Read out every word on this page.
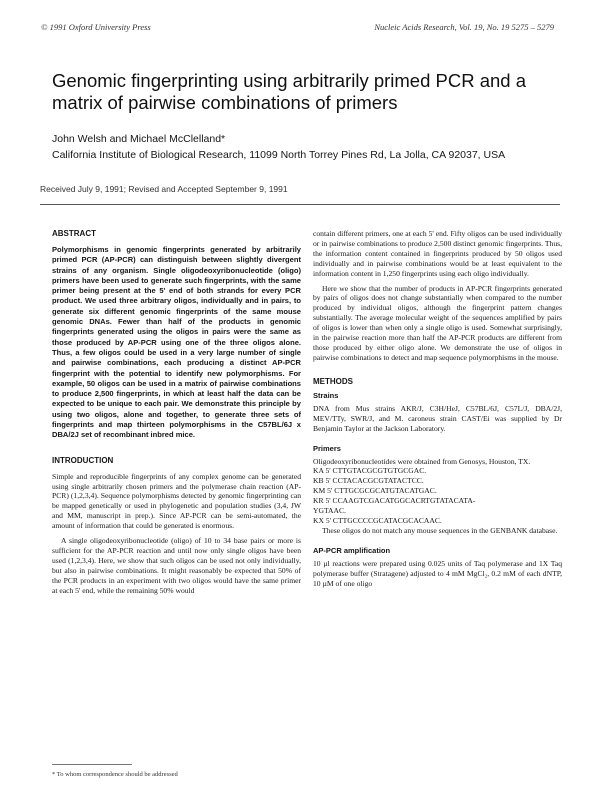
© 1991 Oxford University Press	Nucleic Acids Research, Vol. 19, No. 19 5275 – 5279
Genomic fingerprinting using arbitrarily primed PCR and a matrix of pairwise combinations of primers
John Welsh and Michael McClelland*
California Institute of Biological Research, 11099 North Torrey Pines Rd, La Jolla, CA 92037, USA
Received July 9, 1991; Revised and Accepted September 9, 1991

ABSTRACT

Polymorphisms in genomic fingerprints generated by arbitrarily primed PCR (AP-PCR) can distinguish between slightly divergent strains of any organism. Single oligodeoxyribonucleotide (oligo) primers have been used to generate such fingerprints, with the same primer being present at the 5' end of both strands for every PCR product. We used three arbitrary oligos, individually and in pairs, to generate six different genomic fingerprints of the same mouse genomic DNAs. Fewer than half of the products in genomic fingerprints generated using the oligos in pairs were the same as those produced by AP-PCR using one of the three oligos alone. Thus, a few oligos could be used in a very large number of single and pairwise combinations, each producing a distinct AP-PCR fingerprint with the potential to identify new polymorphisms. For example, 50 oligos can be used in a matrix of pairwise combinations to produce 2,500 fingerprints, in which at least half the data can be expected to be unique to each pair. We demonstrate this principle by using two oligos, alone and together, to generate three sets of fingerprints and map thirteen polymorphisms in the C57BL/6J x DBA/2J set of recombinant inbred mice.

INTRODUCTION

Simple and reproducible fingerprints of any complex genome can be generated using single arbitrarily chosen primers and the polymerase chain reaction (AP-PCR) (1,2,3,4). Sequence polymorphisms detected by genomic fingerprinting can be mapped genetically or used in phylogenetic and population studies (3,4, JW and MM, manuscript in prep.). Since AP-PCR can be semi-automated, the amount of information that could be generated is enormous.

A single oligodeoxyribonucleotide (oligo) of 10 to 34 base pairs or more is sufficient for the AP-PCR reaction and until now only single oligos have been used (1,2,3,4). Here, we show that such oligos can be used not only individually, but also in pairwise combinations. It might reasonably be expected that 50% of the PCR products in an experiment with two oligos would have the same primer at each 5' end, while the remaining 50% would

contain different primers, one at each 5' end. Fifty oligos can be used individually or in pairwise combinations to produce 2,500 distinct genomic fingerprints. Thus, the information content contained in fingerprints produced by 50 oligos used individually and in pairwise combinations would be at least equivalent to the information content in 1,250 fingerprints using each oligo individually.

Here we show that the number of products in AP-PCR fingerprints generated by pairs of oligos does not change substantially when compared to the number produced by individual oligos, although the fingerprint pattern changes substantially. The average molecular weight of the sequences amplified by pairs of oligos is lower than when only a single oligo is used. Somewhat surprisingly, in the pairwise reaction more than half the AP-PCR products are different from those produced by either oligo alone. We demonstrate the use of oligos in pairwise combinations to detect and map sequence polymorphisms in the mouse.

METHODS

Strains

DNA from Mus strains AKR/J, C3H/HeJ, C57BL/6J, C57L/J, DBA/2J, MEV/TTy, SWR/J, and M. caroneus strain CAST/Ei was supplied by Dr Benjamin Taylor at the Jackson Laboratory.

Primers

Oligodeoxyribonucleotides were obtained from Genosys, Houston, TX.

KA 5' CTTGTACGCGTGTGCGAC.

KB 5' CCTACACGCGTATACTCC.

KM 5' CTTGCGCGCATGTACATGAC.

KR 5' CCAAGTCGACATGGCACRTGTATACATA-

YGTAAC.

KX 5' CTTGCCCCGCATACGCACAAC.

These oligos do not match any mouse sequences in the GENBANK database.

AP-PCR amplification

10 µl reactions were prepared using 0.025 units of Taq polymerase and 1X Taq polymerase buffer (Stratagene) adjusted to 4 mM MgCl₂, 0.2 mM of each dNTP, 10 µM of one oligo

* To whom correspondence should be addressed
